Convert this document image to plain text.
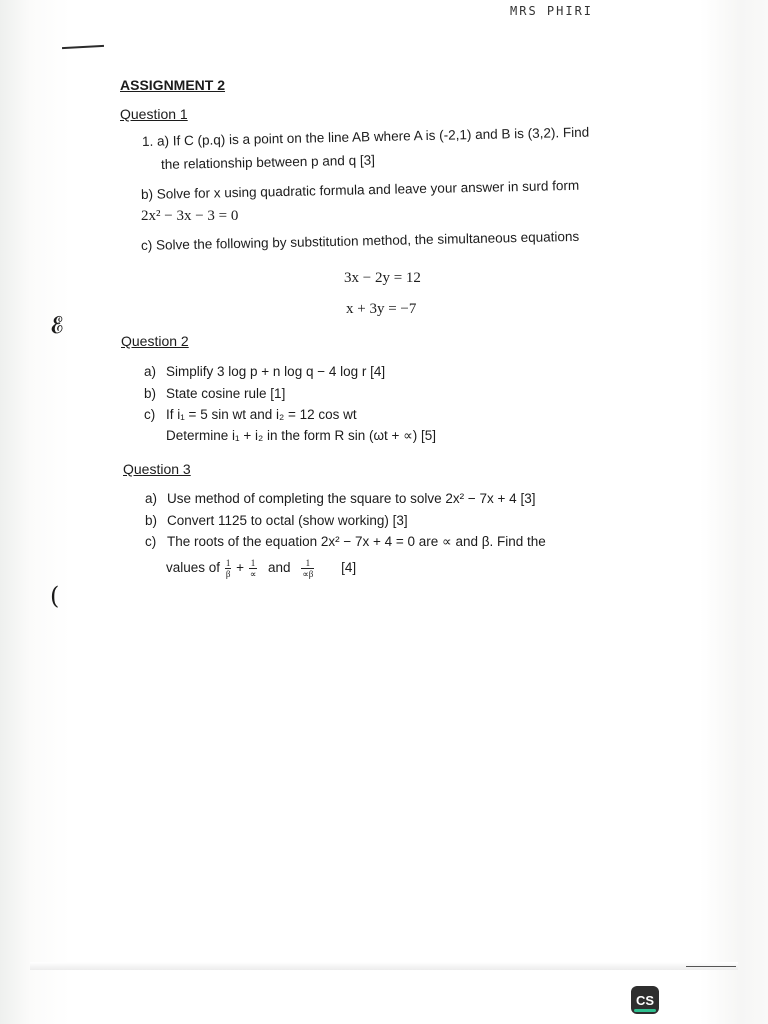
MRS PHIRI
ASSIGNMENT 2
Question 1
1. a) If C (p.q) is a point on the line AB where A is (-2,1) and B is (3,2). Find
the relationship between p and q [3]
b) Solve for x using quadratic formula and leave your answer in surd form
2x² − 3x − 3 = 0
c) Solve the following by substitution method, the simultaneous equations
3x − 2y = 12
x + 3y = −7
Question 2
a) Simplify 3 log p + n log q − 4 log r [4]
b) State cosine rule [1]
c) If i₁ = 5 sin wt and i₂ = 12 cos wt
Determine i₁ + i₂ in the form R sin (ωt + ∝) [5]
Question 3
a) Use method of completing the square to solve 2x² − 7x + 4 [3]
b) Convert 1125 to octal (show working) [3]
c) The roots of the equation 2x² − 7x + 4 = 0 are ∝ and β. Find the
values of $\frac{1}{\beta} + \frac{1}{\propto}$ and $\frac{1}{\propto\beta} [4]$
𝓔
(
CS
